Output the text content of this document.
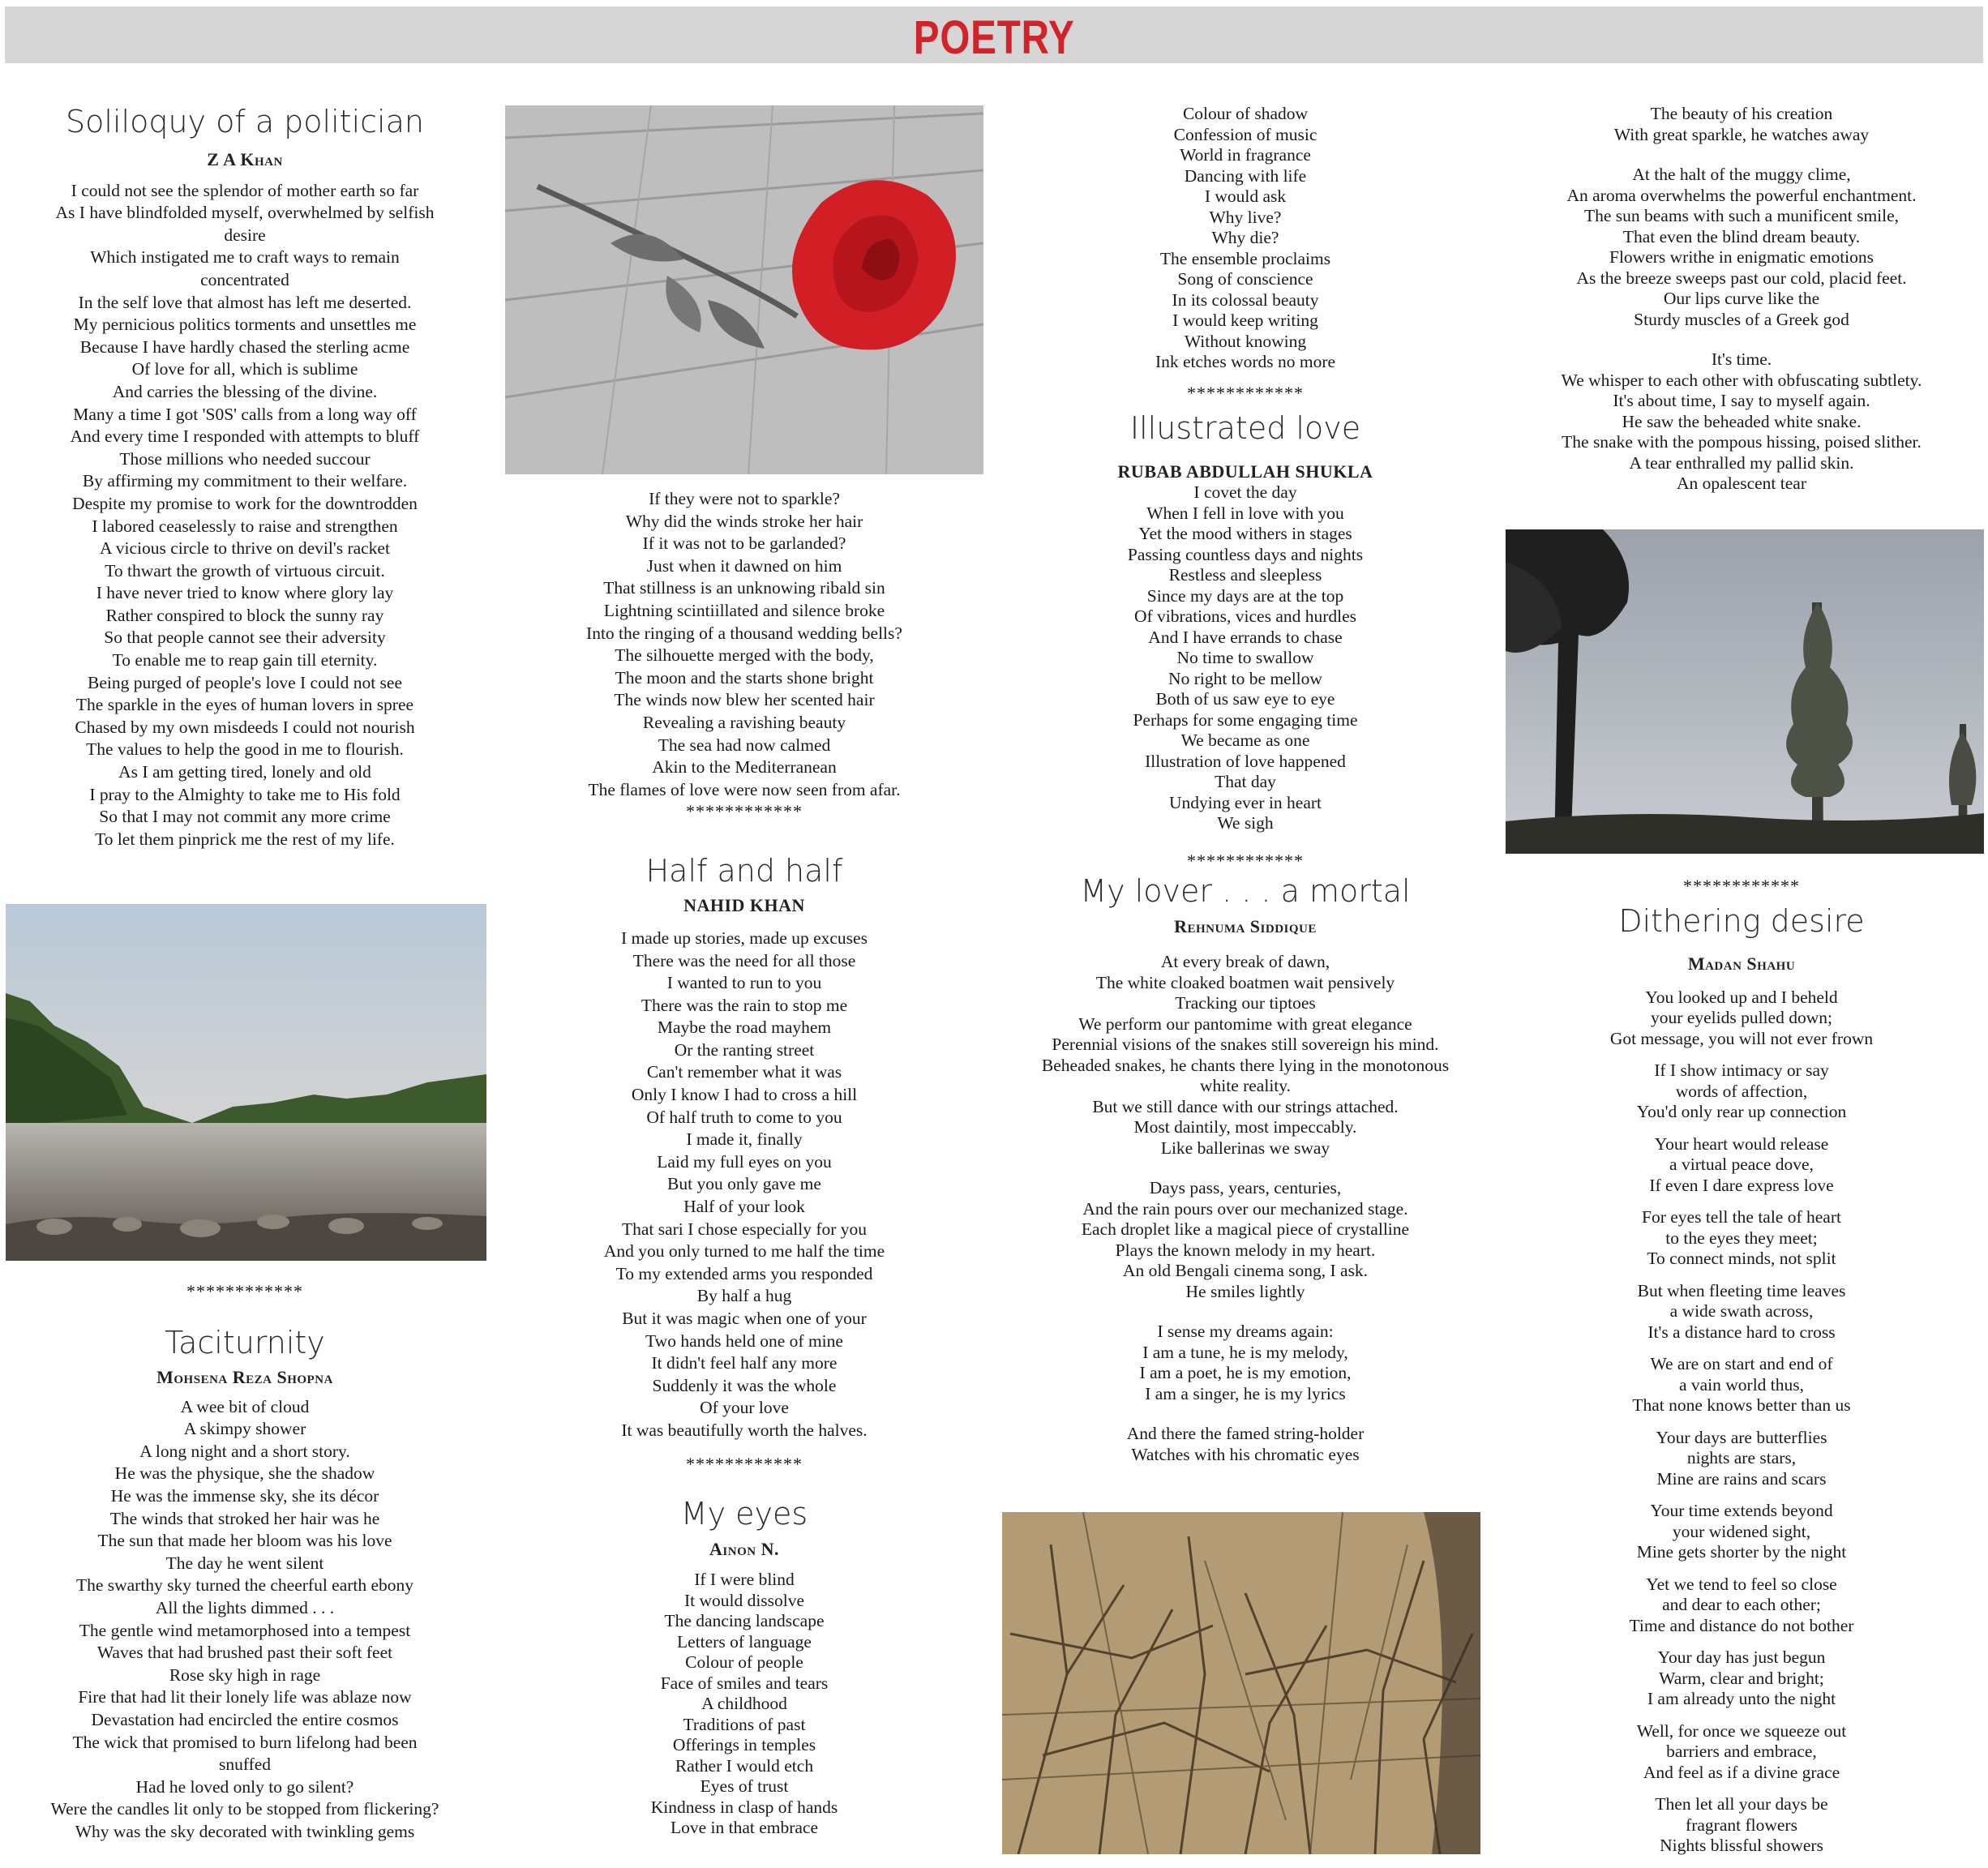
POETRY
Soliloquy of a politician

Z A Khan

I could not see the splendor of mother earth so far
As I have blindfolded myself, overwhelmed by selfish
desire
Which instigated me to craft ways to remain
concentrated
In the self love that almost has left me deserted.
My pernicious politics torments and unsettles me
Because I have hardly chased the sterling acme
Of love for all, which is sublime
And carries the blessing of the divine.
Many a time I got 'S0S' calls from a long way off
And every time I responded with attempts to bluff
Those millions who needed succour
By affirming my commitment to their welfare.
Despite my promise to work for the downtrodden
I labored ceaselessly to raise and strengthen
A vicious circle to thrive on devil's racket
To thwart the growth of virtuous circuit.
I have never tried to know where glory lay
Rather conspired to block the sunny ray
So that people cannot see their adversity
To enable me to reap gain till eternity.
Being purged of people's love I could not see
The sparkle in the eyes of human lovers in spree
Chased by my own misdeeds I could not nourish
The values to help the good in me to flourish.
As I am getting tired, lonely and old
I pray to the Almighty to take me to His fold
So that I may not commit any more crime
To let them pinprick me the rest of my life.

************

Taciturnity

Mohsena Reza Shopna

A wee bit of cloud
A skimpy shower
A long night and a short story.
He was the physique, she the shadow
He was the immense sky, she its décor
The winds that stroked her hair was he
The sun that made her bloom was his love
The day he went silent
The swarthy sky turned the cheerful earth ebony
All the lights dimmed . . .
The gentle wind metamorphosed into a tempest
Waves that had brushed past their soft feet
Rose sky high in rage
Fire that had lit their lonely life was ablaze now
Devastation had encircled the entire cosmos
The wick that promised to burn lifelong had been
snuffed
Had he loved only to go silent?
Were the candles lit only to be stopped from flickering?
Why was the sky decorated with twinkling gems
If they were not to sparkle?
Why did the winds stroke her hair
If it was not to be garlanded?
Just when it dawned on him
That stillness is an unknowing ribald sin
Lightning scintiillated and silence broke
Into the ringing of a thousand wedding bells?
The silhouette merged with the body,
The moon and the starts shone bright
The winds now blew her scented hair
Revealing a ravishing beauty
The sea had now calmed
Akin to the Mediterranean
The flames of love were now seen from afar.

************

Half and half

NAHID KHAN

I made up stories, made up excuses
There was the need for all those
I wanted to run to you
There was the rain to stop me
Maybe the road mayhem
Or the ranting street
Can't remember what it was
Only I know I had to cross a hill
Of half truth to come to you
I made it, finally
Laid my full eyes on you
But you only gave me
Half of your look
That sari I chose especially for you
And you only turned to me half the time
To my extended arms you responded
By half a hug
But it was magic when one of your
Two hands held one of mine
It didn't feel half any more
Suddenly it was the whole
Of your love
It was beautifully worth the halves.

************

My eyes

Ainon N.

If I were blind
It would dissolve
The dancing landscape
Letters of language
Colour of people
Face of smiles and tears
A childhood
Traditions of past
Offerings in temples
Rather I would etch
Eyes of trust
Kindness in clasp of hands
Love in that embrace
Colour of shadow
Confession of music
World in fragrance
Dancing with life
I would ask
Why live?
Why die?
The ensemble proclaims
Song of conscience
In its colossal beauty
I would keep writing
Without knowing
Ink etches words no more

************

Illustrated love

RUBAB ABDULLAH SHUKLA

I covet the day
When I fell in love with you
Yet the mood withers in stages
Passing countless days and nights
Restless and sleepless
Since my days are at the top
Of vibrations, vices and hurdles
And I have errands to chase
No time to swallow
No right to be mellow
Both of us saw eye to eye
Perhaps for some engaging time
We became as one
Illustration of love happened
That day
Undying ever in heart
We sigh

************

My lover . . . a mortal

Rehnuma Siddique

At every break of dawn,
The white cloaked boatmen wait pensively
Tracking our tiptoes
We perform our pantomime with great elegance
Perennial visions of the snakes still sovereign his mind.
Beheaded snakes, he chants there lying in the monotonous
white reality.
But we still dance with our strings attached.
Most daintily, most impeccably.
Like ballerinas we sway
Days pass, years, centuries,
And the rain pours over our mechanized stage.
Each droplet like a magical piece of crystalline
Plays the known melody in my heart.
An old Bengali cinema song, I ask.
He smiles lightly
I sense my dreams again:
I am a tune, he is my melody,
I am a poet, he is my emotion,
I am a singer, he is my lyrics
And there the famed string-holder
Watches with his chromatic eyes
The beauty of his creation
With great sparkle, he watches away
At the halt of the muggy clime,
An aroma overwhelms the powerful enchantment.
The sun beams with such a munificent smile,
That even the blind dream beauty.
Flowers writhe in enigmatic emotions
As the breeze sweeps past our cold, placid feet.
Our lips curve like the
Sturdy muscles of a Greek god
It's time.
We whisper to each other with obfuscating subtlety.
It's about time, I say to myself again.
He saw the beheaded white snake.
The snake with the pompous hissing, poised slither.
A tear enthralled my pallid skin.
An opalescent tear

************

Dithering desire

Madan Shahu

You looked up and I beheld
your eyelids pulled down;
Got message, you will not ever frown
If I show intimacy or say
words of affection,
You'd only rear up connection
Your heart would release
a virtual peace dove,
If even I dare express love
For eyes tell the tale of heart
to the eyes they meet;
To connect minds, not split
But when fleeting time leaves
a wide swath across,
It's a distance hard to cross
We are on start and end of
a vain world thus,
That none knows better than us
Your days are butterflies
nights are stars,
Mine are rains and scars
Your time extends beyond
your widened sight,
Mine gets shorter by the night
Yet we tend to feel so close
and dear to each other;
Time and distance do not bother
Your day has just begun
Warm, clear and bright;
I am already unto the night
Well, for once we squeeze out
barriers and embrace,
And feel as if a divine grace
Then let all your days be
fragrant flowers
Nights blissful showers
